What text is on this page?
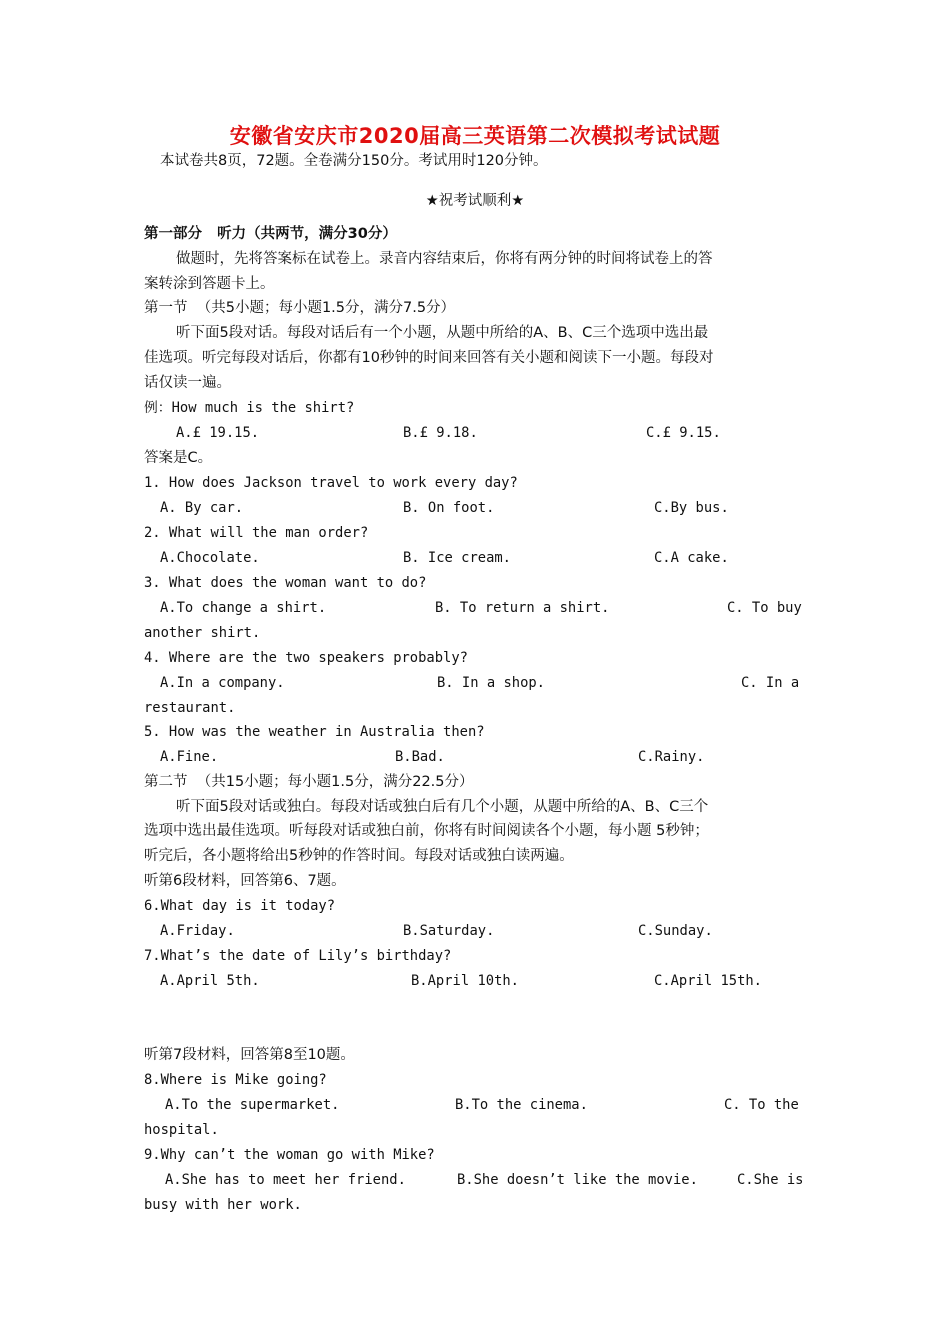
安徽省安庆市2020届高三英语第二次模拟考试试题
本试卷共8页，72题。全卷满分150分。考试用时120分钟。
★祝考试顺利★
第一部分   听力（共两节，满分30分）
做题时，先将答案标在试卷上。录音内容结束后，你将有两分钟的时间将试卷上的答
案转涂到答题卡上。
第一节  （共5小题；每小题1.5分，满分7.5分）
听下面5段对话。每段对话后有一个小题，从题中所给的A、B、C三个选项中选出最
佳选项。听完每段对话后，你都有10秒钟的时间来回答有关小题和阅读下一小题。每段对
话仅读一遍。
例：How much is the shirt?
A.£ 19.15.	B.£ 9.18.	C.£ 9.15.
答案是C。
1. How does Jackson travel to work every day?
A. By car.	B. On foot.	C.By bus.
2. What will the man order?
A.Chocolate.	B. Ice cream.	C.A cake.
3. What does the woman want to do?
A.To change a shirt.	B. To return a shirt.	C. To buy
another shirt.
4. Where are the two speakers probably?
A.In a company.	B. In a shop.	C. In a
restaurant.
5. How was the weather in Australia then?
A.Fine.	B.Bad.	C.Rainy.
第二节  （共15小题；每小题1.5分，满分22.5分）
听下面5段对话或独白。每段对话或独白后有几个小题，从题中所给的A、B、C三个
选项中选出最佳选项。听每段对话或独白前，你将有时间阅读各个小题，每小题 5秒钟；
听完后，各小题将给出5秒钟的作答时间。每段对话或独白读两遍。
听第6段材料，回答第6、7题。
6.What day is it today?
A.Friday.	B.Saturday.	C.Sunday.
7.What’s the date of Lily’s birthday?
A.April 5th.	B.April 10th.	C.April 15th.
听第7段材料，回答第8至10题。
8.Where is Mike going?
A.To the supermarket.	B.To the cinema.	C. To the
hospital.
9.Why can’t the woman go with Mike?
A.She has to meet her friend.	B.She doesn’t like the movie.	C.She is
busy with her work.
